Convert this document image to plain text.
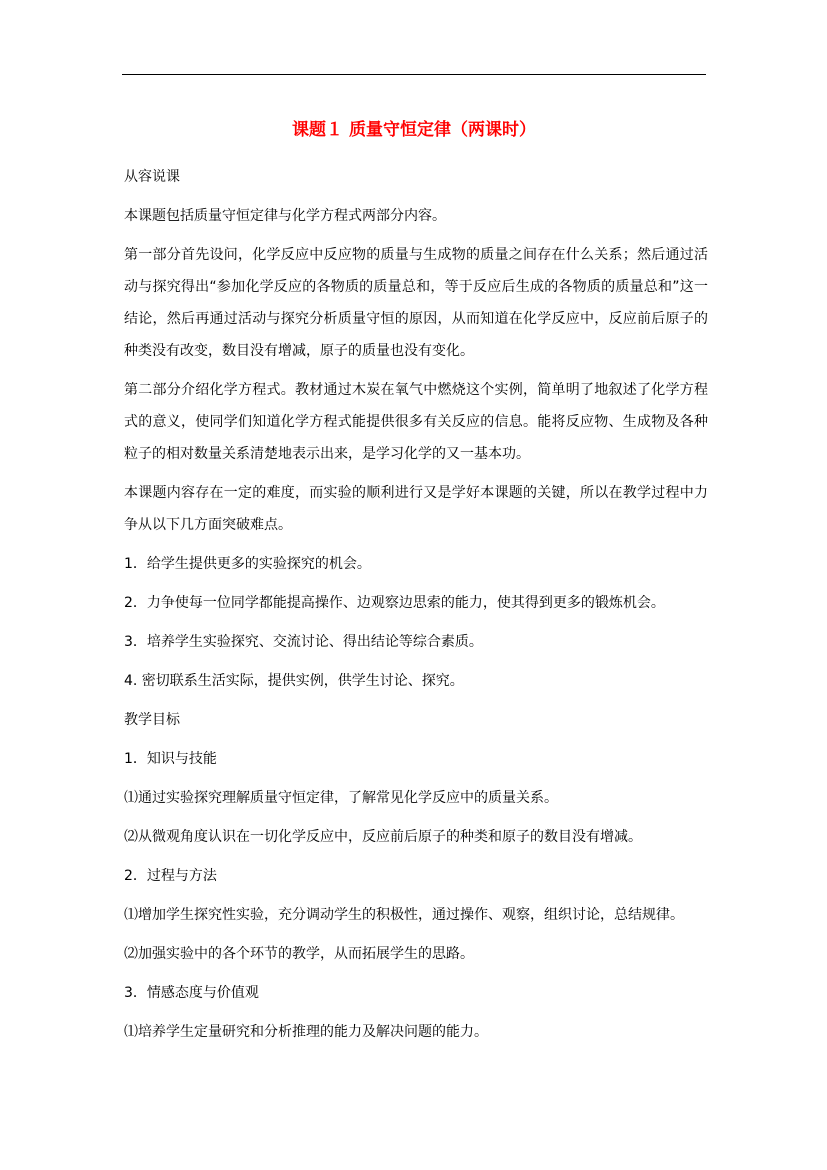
课题１ 质量守恒定律（两课时）

从容说课

本课题包括质量守恒定律与化学方程式两部分内容。

第一部分首先设问，化学反应中反应物的质量与生成物的质量之间存在什么关系；然后通过活动与探究得出“参加化学反应的各物质的质量总和，等于反应后生成的各物质的质量总和”这一结论，然后再通过活动与探究分析质量守恒的原因，从而知道在化学反应中，反应前后原子的种类没有改变，数目没有增减，原子的质量也没有变化。

第二部分介绍化学方程式。教材通过木炭在氧气中燃烧这个实例，简单明了地叙述了化学方程式的意义，使同学们知道化学方程式能提供很多有关反应的信息。能将反应物、生成物及各种粒子的相对数量关系清楚地表示出来，是学习化学的又一基本功。

本课题内容存在一定的难度，而实验的顺利进行又是学好本课题的关键，所以在教学过程中力争从以下几方面突破难点。

1．给学生提供更多的实验探究的机会。

2．力争使每一位同学都能提高操作、边观察边思索的能力，使其得到更多的锻炼机会。

3．培养学生实验探究、交流讨论、得出结论等综合素质。

4. 密切联系生活实际，提供实例，供学生讨论、探究。

教学目标

1．知识与技能

⑴通过实验探究理解质量守恒定律，了解常见化学反应中的质量关系。

⑵从微观角度认识在一切化学反应中，反应前后原子的种类和原子的数目没有增减。

2．过程与方法

⑴增加学生探究性实验，充分调动学生的积极性，通过操作、观察，组织讨论，总结规律。

⑵加强实验中的各个环节的教学，从而拓展学生的思路。

3．情感态度与价值观

⑴培养学生定量研究和分析推理的能力及解决问题的能力。
